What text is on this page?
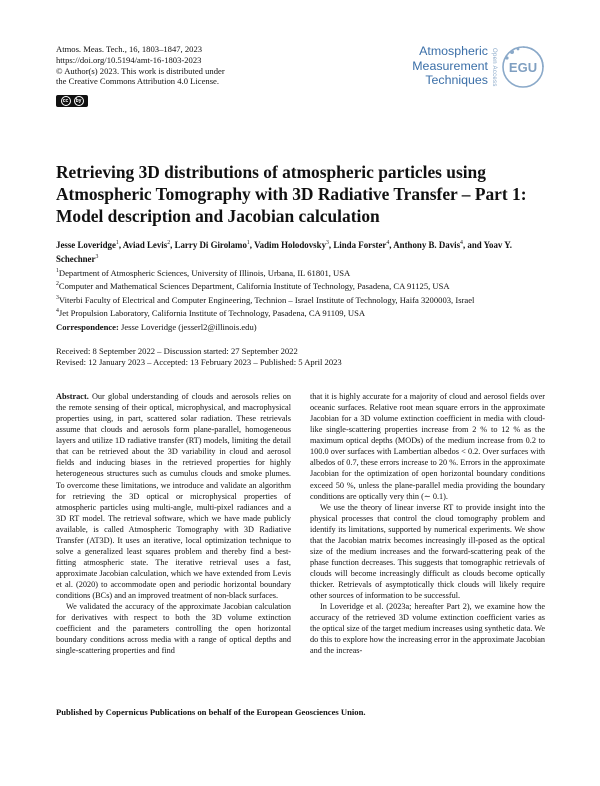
Atmos. Meas. Tech., 16, 1803–1847, 2023
https://doi.org/10.5194/amt-16-1803-2023
© Author(s) 2023. This work is distributed under
the Creative Commons Attribution 4.0 License.
cc	by
Atmospheric
Measurement
Techniques Open Access EGU
Retrieving 3D distributions of atmospheric particles using Atmospheric Tomography with 3D Radiative Transfer – Part 1: Model description and Jacobian calculation
Jesse Loveridge$^1$, Aviad Levis$^2$, Larry Di Girolamo$^1$, Vadim Holodovsky$^3$, Linda Forster$^4$, Anthony B. Davis$^4$, and Yoav Y. Schechner$^3$
$^1$Department of Atmospheric Sciences, University of Illinois, Urbana, IL 61801, USA
$^2$Computer and Mathematical Sciences Department, California Institute of Technology, Pasadena, CA 91125, USA
$^3$Viterbi Faculty of Electrical and Computer Engineering, Technion – Israel Institute of Technology, Haifa 3200003, Israel
$^4$Jet Propulsion Laboratory, California Institute of Technology, Pasadena, CA 91109, USA
Correspondence: Jesse Loveridge (jesserl2@illinois.edu)
Received: 8 September 2022 – Discussion started: 27 September 2022
Revised: 12 January 2023 – Accepted: 13 February 2023 – Published: 5 April 2023

Abstract. Our global understanding of clouds and aerosols relies on the remote sensing of their optical, microphysical, and macrophysical properties using, in part, scattered solar radiation. These retrievals assume that clouds and aerosols form plane-parallel, homogeneous layers and utilize 1D radiative transfer (RT) models, limiting the detail that can be retrieved about the 3D variability in cloud and aerosol fields and inducing biases in the retrieved properties for highly heterogeneous structures such as cumulus clouds and smoke plumes. To overcome these limitations, we introduce and validate an algorithm for retrieving the 3D optical or microphysical properties of atmospheric particles using multi-angle, multi-pixel radiances and a 3D RT model. The retrieval software, which we have made publicly available, is called Atmospheric Tomography with 3D Radiative Transfer (AT3D). It uses an iterative, local optimization technique to solve a generalized least squares problem and thereby find a best-fitting atmospheric state. The iterative retrieval uses a fast, approximate Jacobian calculation, which we have extended from Levis et al. (2020) to accommodate open and periodic horizontal boundary conditions (BCs) and an improved treatment of non-black surfaces.

We validated the accuracy of the approximate Jacobian calculation for derivatives with respect to both the 3D volume extinction coefficient and the parameters controlling the open horizontal boundary conditions across media with a range of optical depths and single-scattering properties and find

that it is highly accurate for a majority of cloud and aerosol fields over oceanic surfaces. Relative root mean square errors in the approximate Jacobian for a 3D volume extinction coefficient in media with cloud-like single-scattering properties increase from 2 % to 12 % as the maximum optical depths (MODs) of the medium increase from 0.2 to 100.0 over surfaces with Lambertian albedos < 0.2. Over surfaces with albedos of 0.7, these errors increase to 20 %. Errors in the approximate Jacobian for the optimization of open horizontal boundary conditions exceed 50 %, unless the plane-parallel media providing the boundary conditions are optically very thin (∼ 0.1).

We use the theory of linear inverse RT to provide insight into the physical processes that control the cloud tomography problem and identify its limitations, supported by numerical experiments. We show that the Jacobian matrix becomes increasingly ill-posed as the optical size of the medium increases and the forward-scattering peak of the phase function decreases. This suggests that tomographic retrievals of clouds will become increasingly difficult as clouds become optically thicker. Retrievals of asymptotically thick clouds will likely require other sources of information to be successful.

In Loveridge et al. (2023a; hereafter Part 2), we examine how the accuracy of the retrieved 3D volume extinction coefficient varies as the optical size of the target medium increases using synthetic data. We do this to explore how the increasing error in the approximate Jacobian and the increas-

Published by Copernicus Publications on behalf of the European Geosciences Union.
